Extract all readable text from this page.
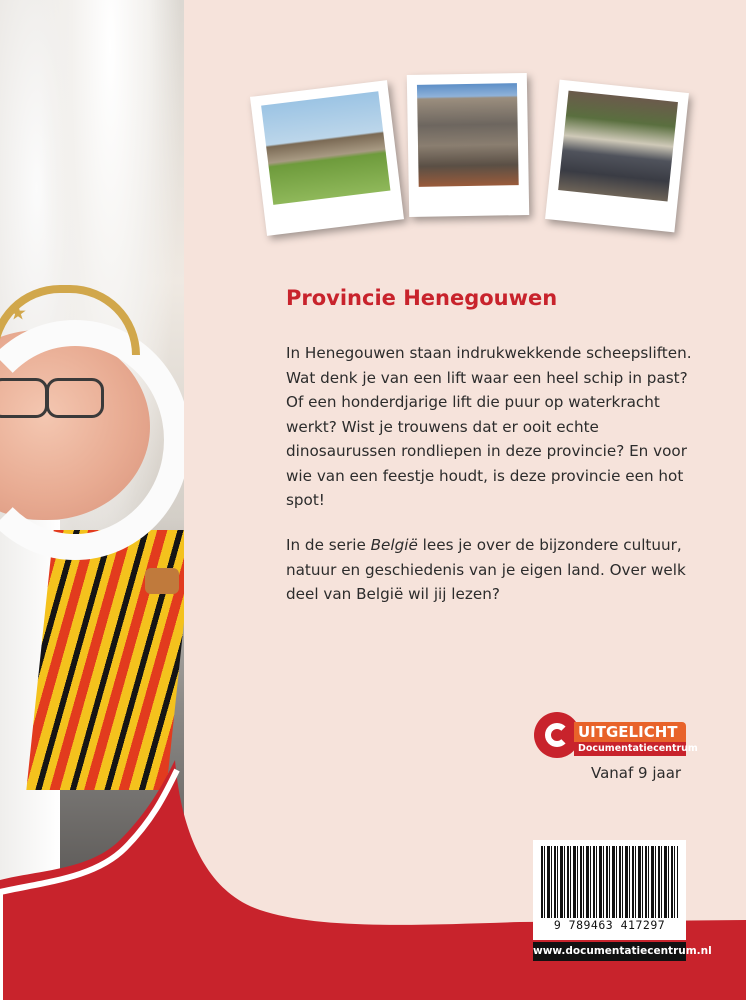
Provincie Henegouwen

In Henegouwen staan indrukwekkende scheepsliften. Wat denk je van een lift waar een heel schip in past? Of een honderdjarige lift die puur op waterkracht werkt? Wist je trouwens dat er ooit echte dinosaurussen rondliepen in deze provincie? En voor wie van een feestje houdt, is deze provincie een hot spot!

In de serie België lees je over de bijzondere cultuur, natuur en geschiedenis van je eigen land. Over welk deel van België wil jij lezen?

UITGELICHT
Documentatiecentrum
Vanaf 9 jaar
9 789463 417297
www.documentatiecentrum.nl
